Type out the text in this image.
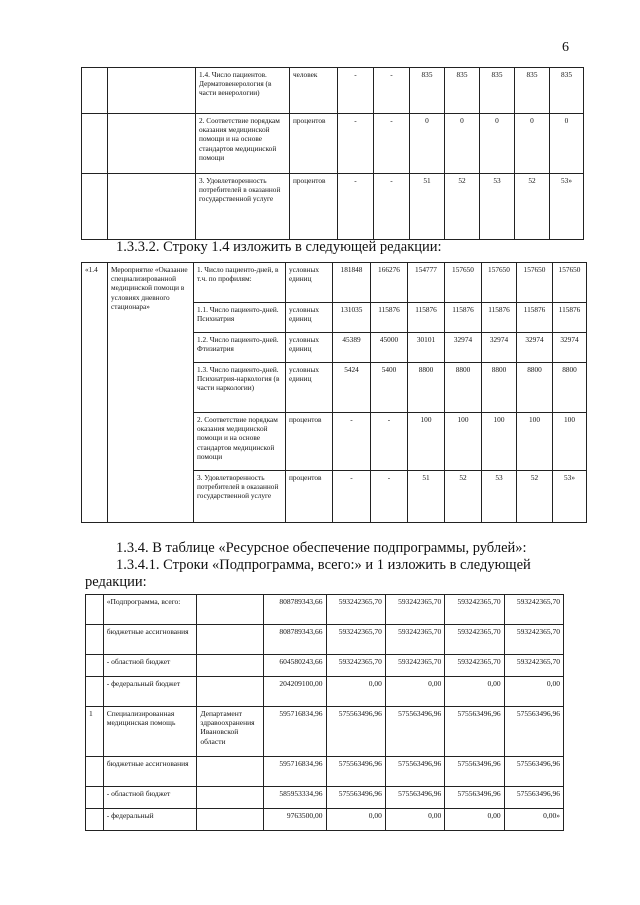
6
		1.4. Число пациентов. Дерматовенерология (в части венерологии)	человек	-	-	835	835	835	835	835
		2. Соответствие порядкам оказания медицинской помощи и на основе стандартов медицинской помощи	процентов	-	-	0	0	0	0	0
		3. Удовлетворенность потребителей в оказанной государственной услуге	процентов	-	-	51	52	53	52	53»
1.3.3.2. Строку 1.4 изложить в следующей редакции:
«1.4	Мероприятие «Оказание специализированной медицинской помощи в условиях дневного стационара»	1. Число пациенто-дней, в т.ч. по профилям:	условных единиц	181848	166276	154777	157650	157650	157650	157650
		1.1. Число пациенто-дней. Психиатрия	условных единиц	131035	115876	115876	115876	115876	115876	115876
		1.2. Число пациенто-дней. Фтизиатрия	условных единиц	45389	45000	30101	32974	32974	32974	32974
		1.3. Число пациенто-дней. Психиатрия-наркология (в части наркологии)	условных единиц	5424	5400	8800	8800	8800	8800	8800
		2. Соответствие порядкам оказания медицинской помощи и на основе стандартов медицинской помощи	процентов	-	-	100	100	100	100	100
		3. Удовлетворенность потребителей в оказанной государственной услуге	процентов	-	-	51	52	53	52	53»
1.3.4. В таблице «Ресурсное обеспечение подпрограммы, рублей»:
1.3.4.1. Строки «Подпрограмма, всего:» и 1 изложить в следующей
редакции:
	«Подпрограмма, всего:		808789343,66	593242365,70	593242365,70	593242365,70	593242365,70
	бюджетные ассигнования		808789343,66	593242365,70	593242365,70	593242365,70	593242365,70
	- областной бюджет		604580243,66	593242365,70	593242365,70	593242365,70	593242365,70
	- федеральный бюджет		204209100,00	0,00	0,00	0,00	0,00
1	Специализированная медицинская помощь	Департамент здравоохранения Ивановской области	595716834,96	575563496,96	575563496,96	575563496,96	575563496,96
	бюджетные ассигнования		595716834,96	575563496,96	575563496,96	575563496,96	575563496,96
	- областной бюджет		585953334,96	575563496,96	575563496,96	575563496,96	575563496,96
	- федеральный		9763500,00	0,00	0,00	0,00	0,00»
